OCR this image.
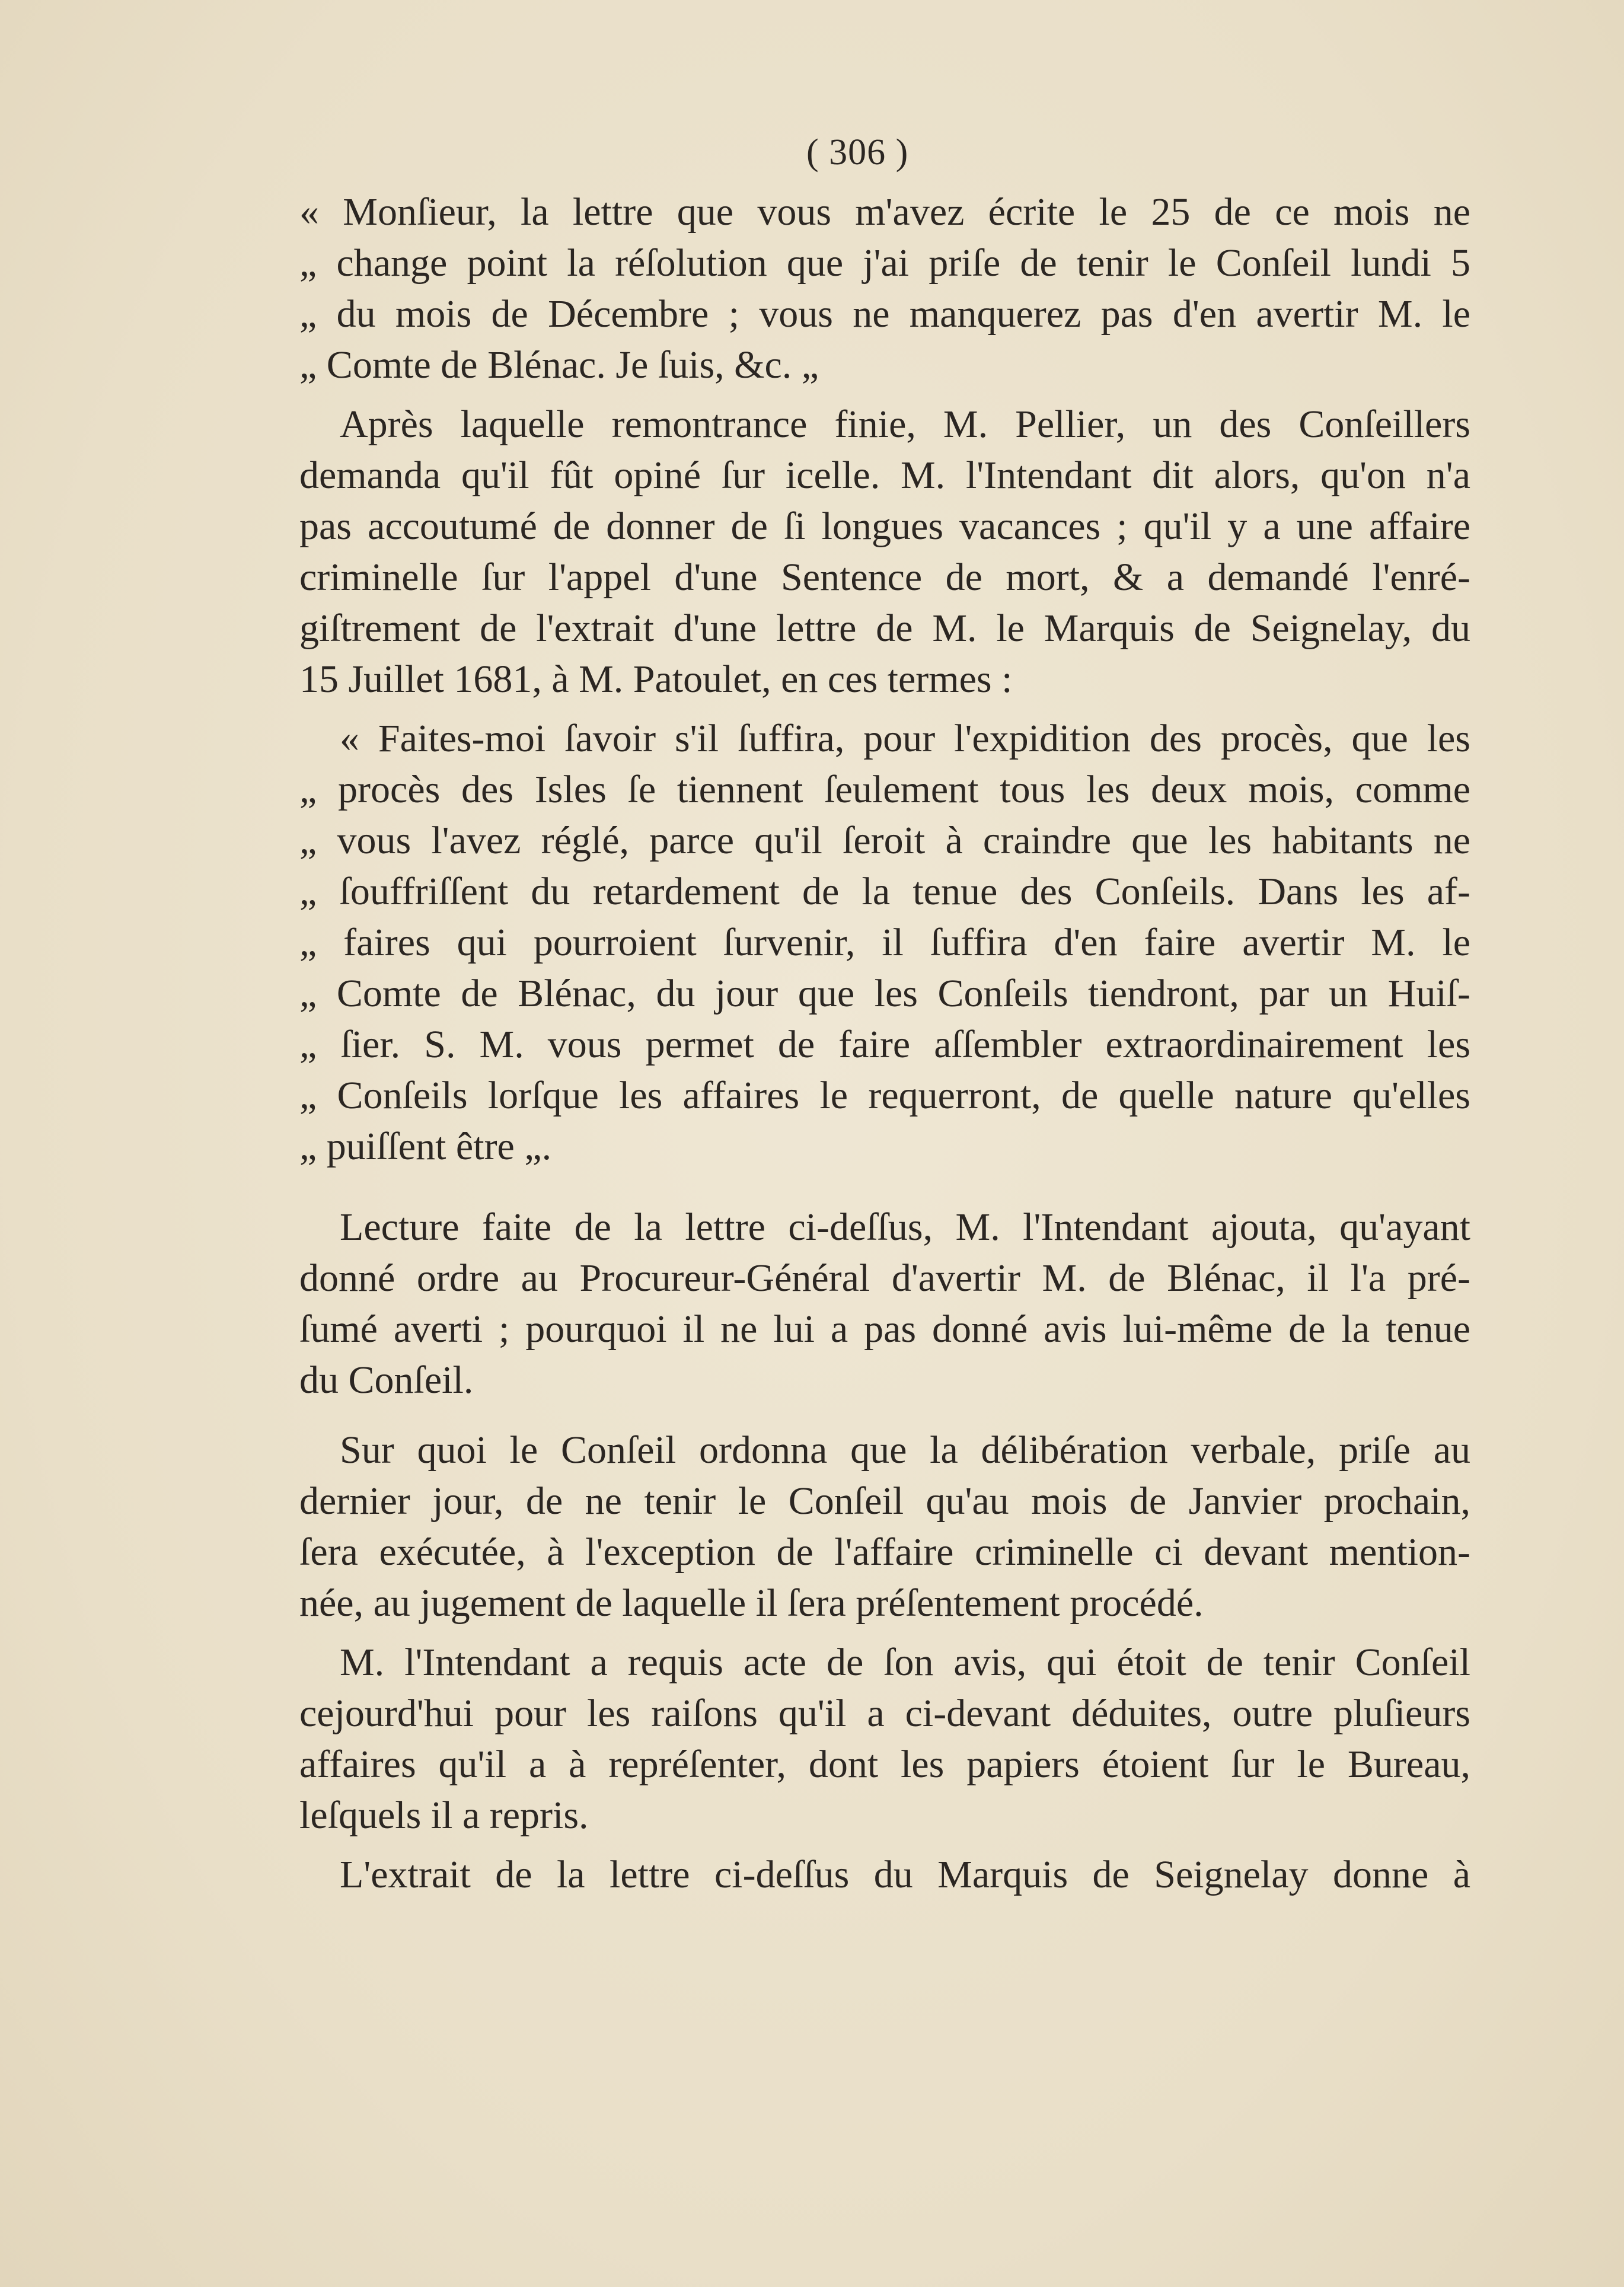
( 306 )
« Monſieur, la lettre que vous m'avez écrite le 25 de ce mois ne
„ change point la réſolution que j'ai priſe de tenir le Conſeil lundi 5
„ du mois de Décembre ; vous ne manquerez pas d'en avertir M. le
„ Comte de Blénac. Je ſuis, &c. „
Après laquelle remontrance finie, M. Pellier, un des Conſeillers
demanda qu'il fût opiné ſur icelle. M. l'Intendant dit alors, qu'on n'a
pas accoutumé de donner de ſi longues vacances ; qu'il y a une affaire
criminelle ſur l'appel d'une Sentence de mort, & a demandé l'enré-
giſtrement de l'extrait d'une lettre de M. le Marquis de Seignelay, du
15 Juillet 1681, à M. Patoulet, en ces termes :
« Faites-moi ſavoir s'il ſuffira, pour l'expidition des procès, que les
„ procès des Isles ſe tiennent ſeulement tous les deux mois, comme
„ vous l'avez réglé, parce qu'il ſeroit à craindre que les habitants ne
„ ſouffriſſent du retardement de la tenue des Conſeils. Dans les af-
„ faires qui pourroient ſurvenir, il ſuffira d'en faire avertir M. le
„ Comte de Blénac, du jour que les Conſeils tiendront, par un Huiſ-
„ ſier. S. M. vous permet de faire aſſembler extraordinairement les
„ Conſeils lorſque les affaires le requerront, de quelle nature qu'elles
„ puiſſent être „.
Lecture faite de la lettre ci-deſſus, M. l'Intendant ajouta, qu'ayant
donné ordre au Procureur-Général d'avertir M. de Blénac, il l'a pré-
ſumé averti ; pourquoi il ne lui a pas donné avis lui-même de la tenue
du Conſeil.
Sur quoi le Conſeil ordonna que la délibération verbale, priſe au
dernier jour, de ne tenir le Conſeil qu'au mois de Janvier prochain,
ſera exécutée, à l'exception de l'affaire criminelle ci devant mention-
née, au jugement de laquelle il ſera préſentement procédé.
M. l'Intendant a requis acte de ſon avis, qui étoit de tenir Conſeil
cejourd'hui pour les raiſons qu'il a ci-devant déduites, outre pluſieurs
affaires qu'il a à repréſenter, dont les papiers étoient ſur le Bureau,
leſquels il a repris.
L'extrait de la lettre ci-deſſus du Marquis de Seignelay donne à
